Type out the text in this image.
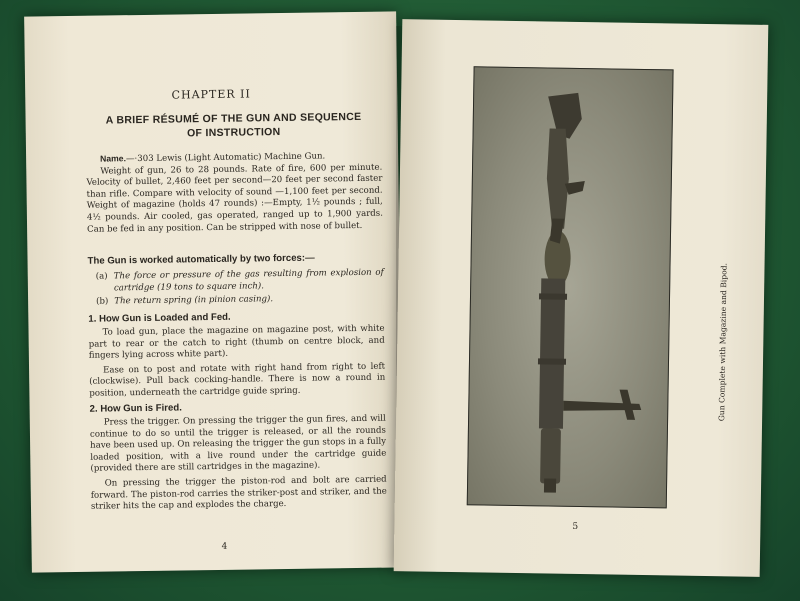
CHAPTER II
A BRIEF RÉSUMÉ OF THE GUN AND SEQUENCE
OF INSTRUCTION
Name.—·303 Lewis (Light Automatic) Machine Gun.
Weight of gun, 26 to 28 pounds. Rate of fire, 600 per minute. Velocity of bullet, 2,460 feet per second—20 feet per second faster than rifle. Compare with velocity of sound —1,100 feet per second. Weight of magazine (holds 47 rounds) :—Empty, 1½ pounds ; full, 4½ pounds. Air cooled, gas operated, ranged up to 1,900 yards. Can be fed in any position. Can be stripped with nose of bullet.
The Gun is worked automatically by two forces:—
(a) The force or pressure of the gas resulting from explosion of cartridge (19 tons to square inch).
(b) The return spring (in pinion casing).
1. How Gun is Loaded and Fed.
To load gun, place the magazine on magazine post, with white part to rear or the catch to right (thumb on centre block, and fingers lying across white part).
Ease on to post and rotate with right hand from right to left (clockwise). Pull back cocking-handle. There is now a round in position, underneath the cartridge guide spring.
2. How Gun is Fired.
Press the trigger. On pressing the trigger the gun fires, and will continue to do so until the trigger is released, or all the rounds have been used up. On releasing the trigger the gun stops in a fully loaded position, with a live round under the cartridge guide (provided there are still cartridges in the magazine).
On pressing the trigger the piston-rod and bolt are carried forward. The piston-rod carries the striker-post and striker, and the striker hits the cap and explodes the charge.
4
Gun Complete with Magazine and Bipod.
5
